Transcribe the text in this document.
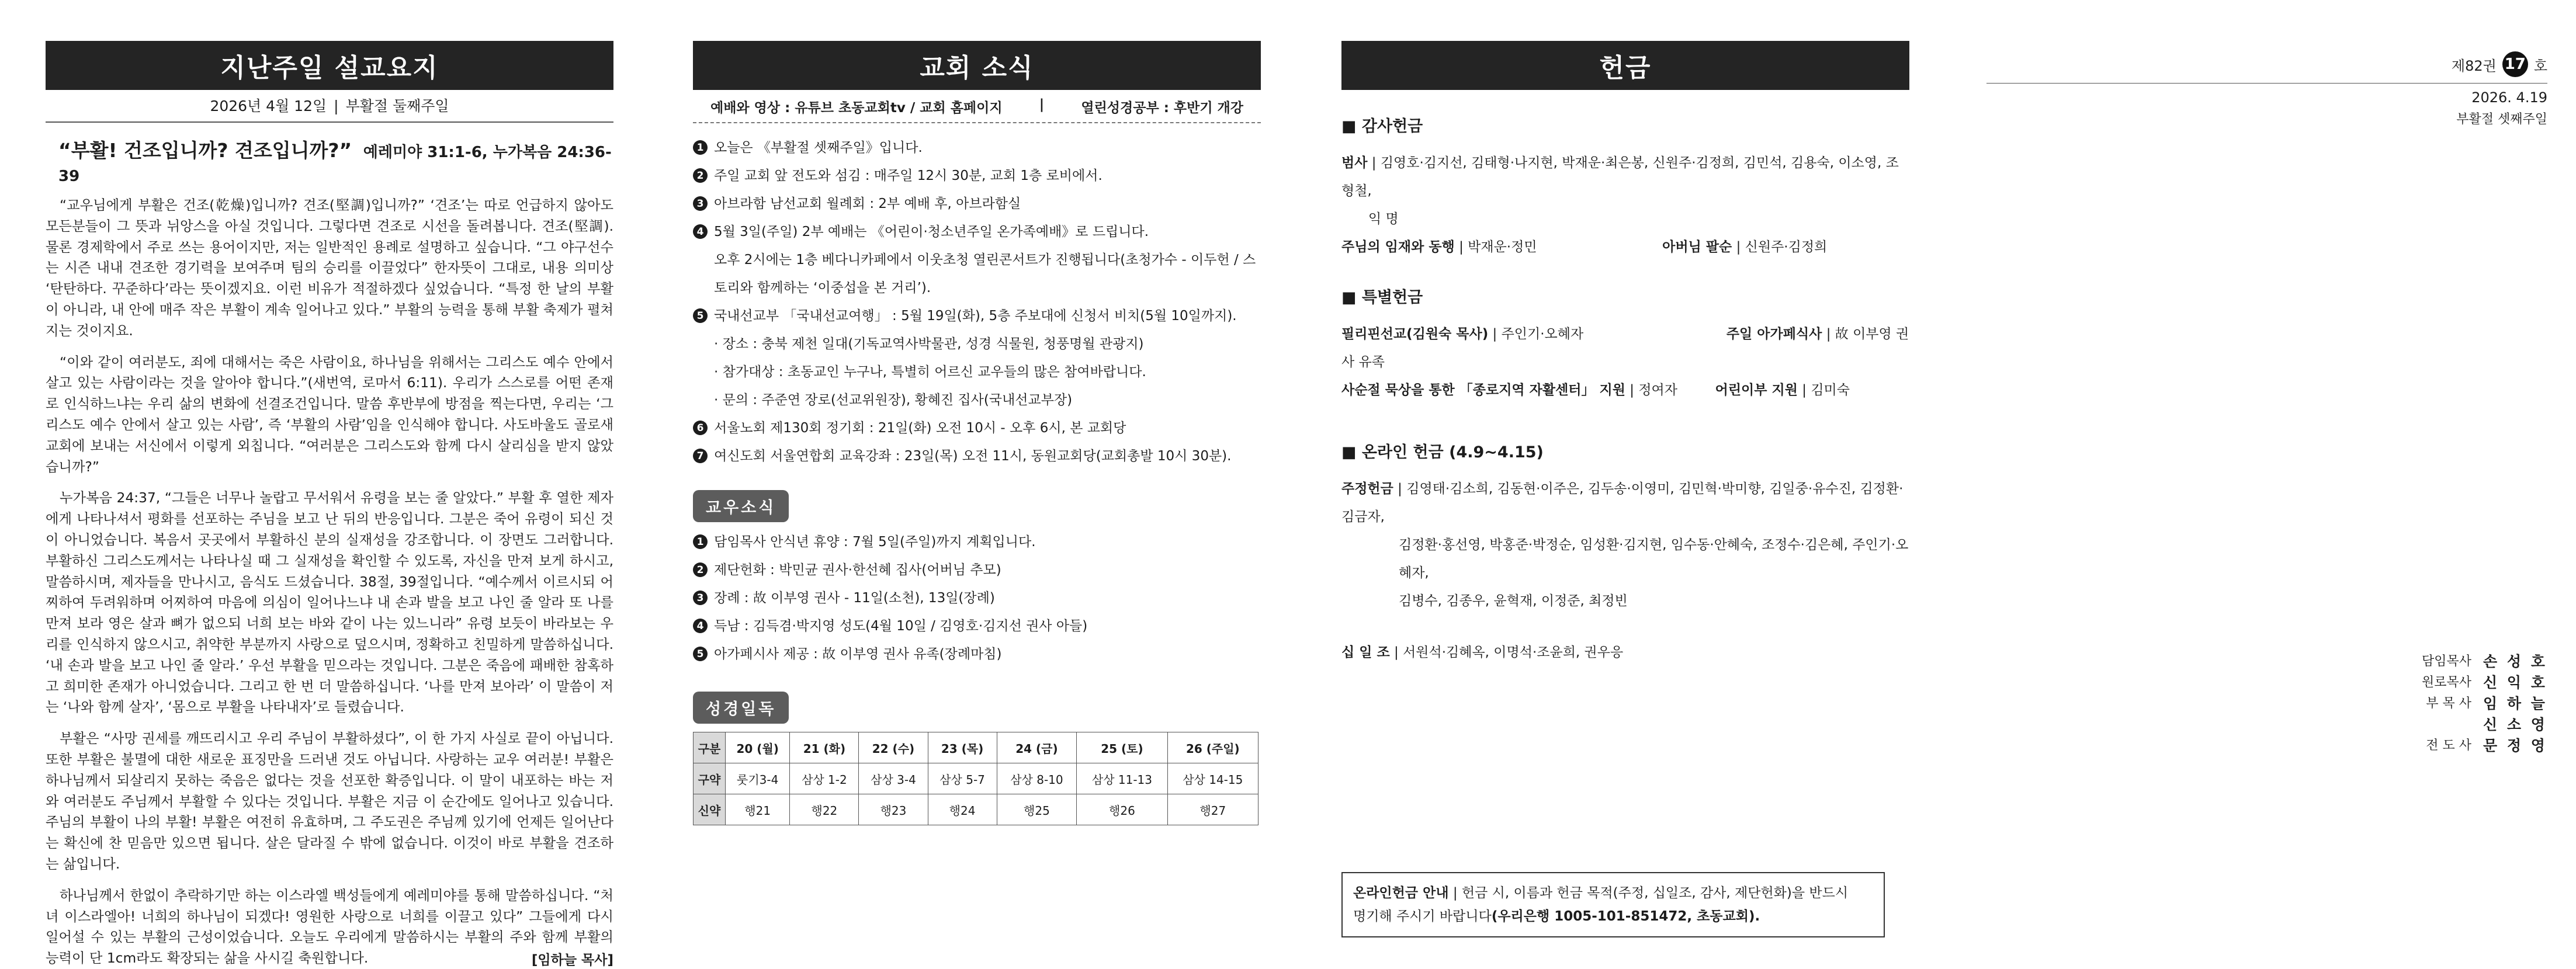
지난주일 설교요지
2026년 4월 12일 | 부활절 둘째주일
“부활! 건조입니까? 견조입니까?” 예레미야 31:1-6, 누가복음 24:36-39

“교우님에게 부활은 건조(乾燥)입니까? 견조(堅調)입니까?” ‘견조’는 따로 언급하지 않아도 모든분들이 그 뜻과 뉘앙스을 아실 것입니다. 그렇다면 견조로 시선을 돌려봅니다. 견조(堅調). 물론 경제학에서 주로 쓰는 용어이지만, 저는 일반적인 용례로 설명하고 싶습니다. “그 야구선수는 시즌 내내 견조한 경기력을 보여주며 팀의 승리를 이끌었다” 한자뜻이 그대로, 내용 의미상 ‘탄탄하다. 꾸준하다’라는 뜻이겠지요. 이런 비유가 적절하겠다 싶었습니다. “특정 한 날의 부활이 아니라, 내 안에 매주 작은 부활이 계속 일어나고 있다.” 부활의 능력을 통해 부활 축제가 펼쳐지는 것이지요.

“이와 같이 여러분도, 죄에 대해서는 죽은 사람이요, 하나님을 위해서는 그리스도 예수 안에서 살고 있는 사람이라는 것을 알아야 합니다.”(새번역, 로마서 6:11). 우리가 스스로를 어떤 존재로 인식하느냐는 우리 삶의 변화에 선결조건입니다. 말씀 후반부에 방점을 찍는다면, 우리는 ‘그리스도 예수 안에서 살고 있는 사람’, 즉 ‘부활의 사람’임을 인식해야 합니다. 사도바울도 골로새교회에 보내는 서신에서 이렇게 외칩니다. “여러분은 그리스도와 함께 다시 살리심을 받지 않았습니까?”

누가복음 24:37, “그들은 너무나 놀랍고 무서워서 유령을 보는 줄 알았다.” 부활 후 열한 제자에게 나타나셔서 평화를 선포하는 주님을 보고 난 뒤의 반응입니다. 그분은 죽어 유령이 되신 것이 아니었습니다. 복음서 곳곳에서 부활하신 분의 실재성을 강조합니다. 이 장면도 그러합니다. 부활하신 그리스도께서는 나타나실 때 그 실재성을 확인할 수 있도록, 자신을 만져 보게 하시고, 말씀하시며, 제자들을 만나시고, 음식도 드셨습니다. 38절, 39절입니다. “예수께서 이르시되 어찌하여 두려워하며 어찌하여 마음에 의심이 일어나느냐 내 손과 발을 보고 나인 줄 알라 또 나를 만져 보라 영은 살과 뼈가 없으되 너희 보는 바와 같이 나는 있느니라” 유령 보듯이 바라보는 우리를 인식하지 않으시고, 취약한 부분까지 사랑으로 덮으시며, 정확하고 친밀하게 말씀하십니다. ‘내 손과 발을 보고 나인 줄 알라.’ 우선 부활을 믿으라는 것입니다. 그분은 죽음에 패배한 참혹하고 희미한 존재가 아니었습니다. 그리고 한 번 더 말씀하십니다. ‘나를 만져 보아라’ 이 말씀이 저는 ‘나와 함께 살자’, ‘몸으로 부활을 나타내자’로 들렸습니다.

부활은 “사망 권세를 깨뜨리시고 우리 주님이 부활하셨다”, 이 한 가지 사실로 끝이 아닙니다. 또한 부활은 불멸에 대한 새로운 표징만을 드러낸 것도 아닙니다. 사랑하는 교우 여러분! 부활은 하나님께서 되살리지 못하는 죽음은 없다는 것을 선포한 확증입니다. 이 말이 내포하는 바는 저와 여러분도 주님께서 부활할 수 있다는 것입니다. 부활은 지금 이 순간에도 일어나고 있습니다. 주님의 부활이 나의 부활! 부활은 여전히 유효하며, 그 주도권은 주님께 있기에 언제든 일어난다는 확신에 찬 믿음만 있으면 됩니다. 살은 달라질 수 밖에 없습니다. 이것이 바로 부활을 견조하는 삶입니다.

하나님께서 한없이 추락하기만 하는 이스라엘 백성들에게 예레미야를 통해 말씀하십니다. “처녀 이스라엘아! 너희의 하나님이 되겠다! 영원한 사랑으로 너희를 이끌고 있다” 그들에게 다시 일어설 수 있는 부활의 근성이었습니다. 오늘도 우리에게 말씀하시는 부활의 주와 함께 부활의 능력이 단 1cm라도 확장되는 삶을 사시길 축원합니다.	[임하늘 목사]
교회 소식
예배와 영상 : 유튜브 초동교회tv / 교회 홈페이지	|	열린성경공부 : 후반기 개강
1 오늘은 《부활절 셋째주일》입니다.
2 주일 교회 앞 전도와 섬김 : 매주일 12시 30분, 교회 1층 로비에서.
3 아브라함 남선교회 월례회 : 2부 예배 후, 아브라함실
4 5월 3일(주일) 2부 예배는 《어린이·청소년주일 온가족예배》로 드립니다.
오후 2시에는 1층 베다니카페에서 이웃초청 열린콘서트가 진행됩니다(초청가수 - 이두헌 / 스
토리와 함께하는 ‘이중섭을 본 거리’).
5 국내선교부 「국내선교여행」 : 5월 19일(화), 5층 주보대에 신청서 비치(5월 10일까지).
· 장소 : 충북 제천 일대(기독교역사박물관, 성경 식물원, 청풍명월 관광지)
· 참가대상 : 초동교인 누구나, 특별히 어르신 교우들의 많은 참여바랍니다.
· 문의 : 주준연 장로(선교위원장), 황혜진 집사(국내선교부장)
6 서울노회 제130회 정기회 : 21일(화) 오전 10시 - 오후 6시, 본 교회당
7 여신도회 서울연합회 교육강좌 : 23일(목) 오전 11시, 동원교회당(교회총발 10시 30분).
교우소식
1 담임목사 안식년 휴양 : 7월 5일(주일)까지 계획입니다.
2 제단헌화 : 박민균 권사·한선혜 집사(어버님 추모)
3 장례 : 故 이부영 권사 - 11일(소천), 13일(장례)
4 득남 : 김득겸·박지영 성도(4월 10일 / 김영호·김지선 권사 아들)
5 아가페시사 제공 : 故 이부영 권사 유족(장례마침)
성경일독
구분	20 (월)	21 (화)	22 (수)	23 (목)	24 (금)	25 (토)	26 (주일)
구약	룻기3-4	삼상 1-2	삼상 3-4	삼상 5-7	삼상 8-10	삼상 11-13	삼상 14-15
신약	행21	행22	행23	행24	행25	행26	행27
헌금
■ 감사헌금
범사 | 김영호·김지선, 김태형·나지현, 박재운·최은봉, 신원주·김정희, 김민석, 김용숙, 이소영, 조형철,
익 명
주님의 임재와 동행 | 박재운·정민	아버님 팔순 | 신원주·김정희
■ 특별헌금
필리핀선교(김원숙 목사) | 주인기·오혜자	주일 아가페식사 | 故 이부영 권사 유족
사순절 묵상을 통한 「종로지역 자활센터」 지원 | 정여자	어린이부 지원 | 김미숙
■ 온라인 헌금 (4.9~4.15)
주정헌금 | 김영태·김소희, 김동현·이주은, 김두송·이영미, 김민혁·박미향, 김일중·유수진, 김정환·김금자,
김정환·홍선영, 박홍준·박정순, 임성환·김지현, 임수동·안혜숙, 조정수·김은혜, 주인기·오혜자,
김병수, 김종우, 윤혁재, 이정준, 최정빈
십 일 조 | 서원석·김혜옥, 이명석·조윤희, 권우응
온라인헌금 안내 | 헌금 시, 이름과 헌금 목적(주정, 십일조, 감사, 제단헌화)을 반드시
명기해 주시기 바랍니다(우리은행 1005-101-851472, 초동교회).
제82권 17 호
2026. 4.19
부활절 셋째주일
담임목사 손 성 호
원로목사 신 익 호
부 목 사 임 하 늘
신 소 영
전 도 사 문 정 영
